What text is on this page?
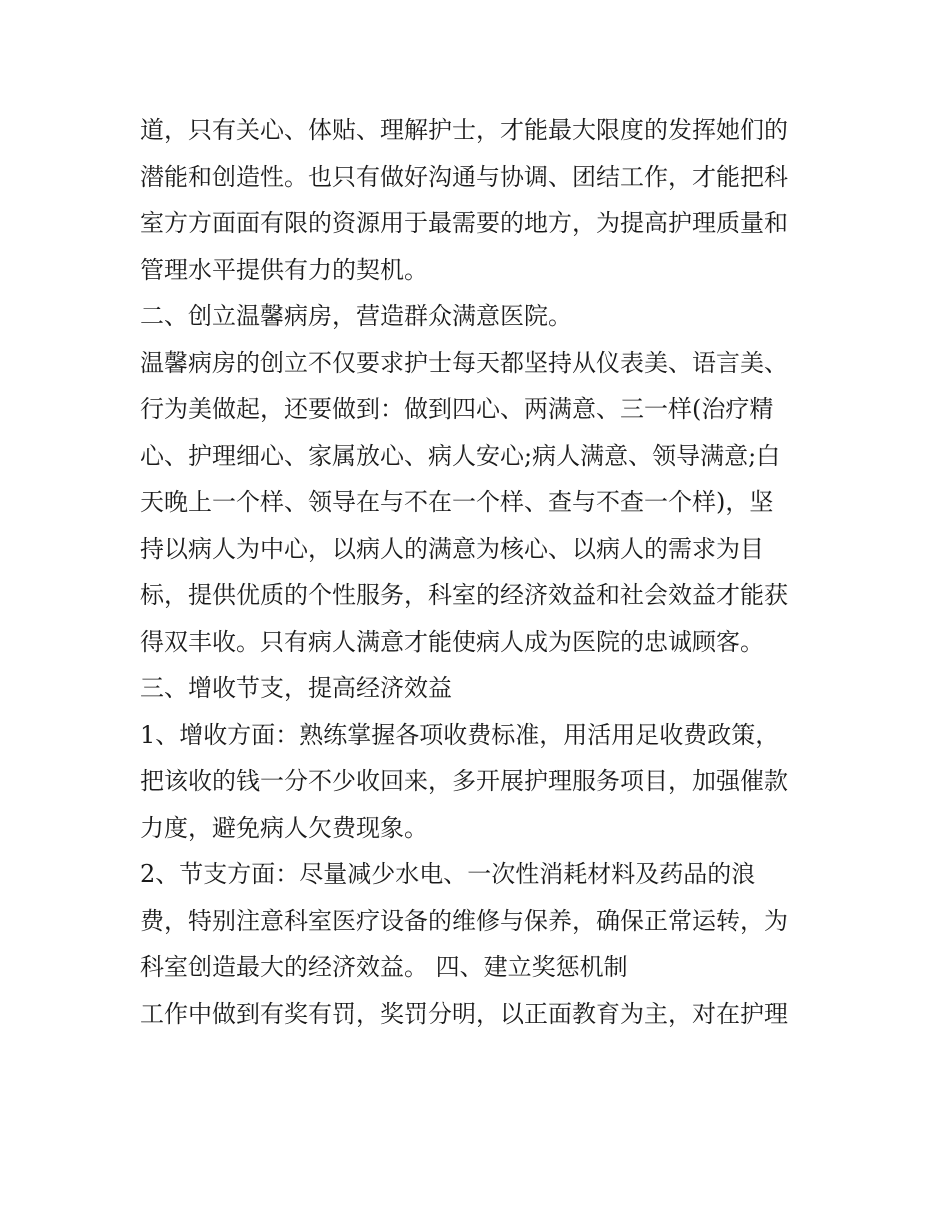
道，只有关心、体贴、理解护士，才能最大限度的发挥她们的
潜能和创造性。也只有做好沟通与协调、团结工作，才能把科
室方方面面有限的资源用于最需要的地方，为提高护理质量和
管理水平提供有力的契机。
二、创立温馨病房，营造群众满意医院。
温馨病房的创立不仅要求护士每天都坚持从仪表美、语言美、
行为美做起，还要做到：做到四心、两满意、三一样(治疗精
心、护理细心、家属放心、病人安心;病人满意、领导满意;白
天晚上一个样、领导在与不在一个样、查与不查一个样)，坚
持以病人为中心，以病人的满意为核心、以病人的需求为目
标，提供优质的个性服务，科室的经济效益和社会效益才能获
得双丰收。只有病人满意才能使病人成为医院的忠诚顾客。
三、增收节支，提高经济效益
1、增收方面：熟练掌握各项收费标准，用活用足收费政策，
把该收的钱一分不少收回来，多开展护理服务项目，加强催款
力度，避免病人欠费现象。
2、节支方面：尽量减少水电、一次性消耗材料及药品的浪
费，特别注意科室医疗设备的维修与保养，确保正常运转，为
科室创造最大的经济效益。 四、建立奖惩机制
工作中做到有奖有罚，奖罚分明，以正面教育为主，对在护理
